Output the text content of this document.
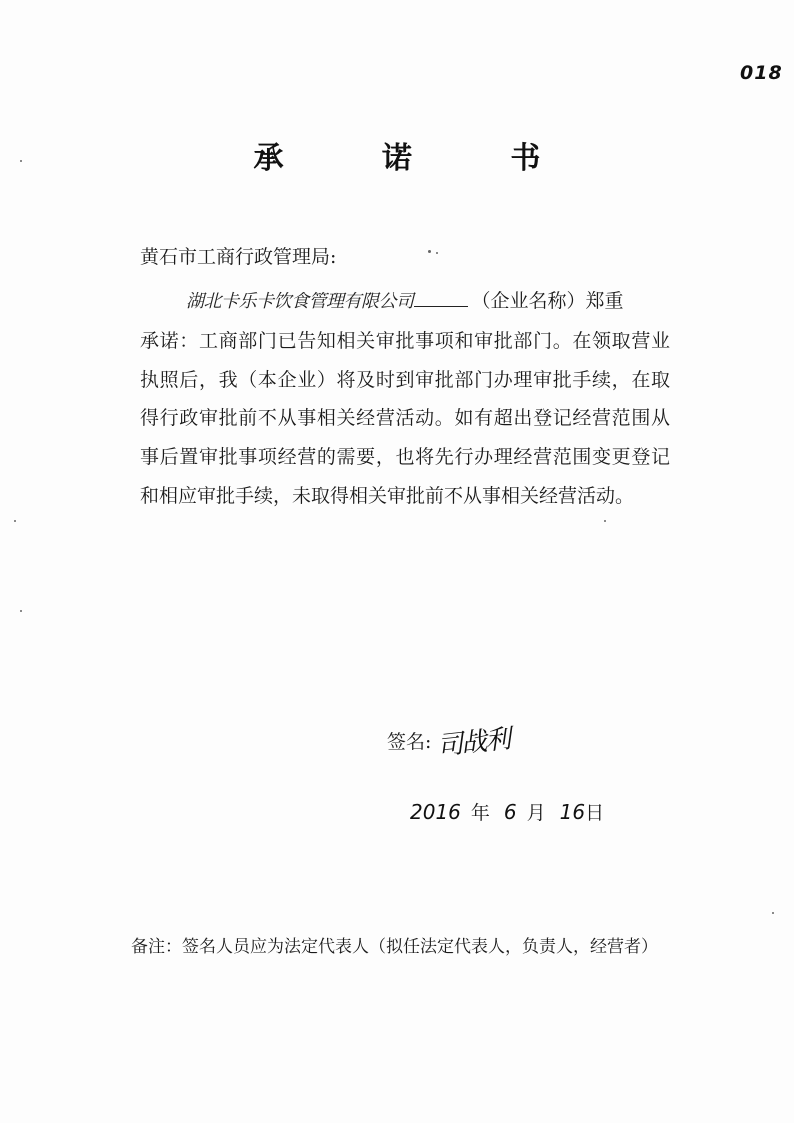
018
承 诺 书
黄石市工商行政管理局:
湖北卡乐卡饮食管理有限公司	（企业名称）郑重
承诺：工商部门已告知相关审批事项和审批部门。在领取营业执照后，我（本企业）将及时到审批部门办理审批手续，在取得行政审批前不从事相关经营活动。如有超出登记经营范围从事后置审批事项经营的需要，也将先行办理经营范围变更登记和相应审批手续，未取得相关审批前不从事相关经营活动。
签名: 司战利
2016 年 6 月 16 日
备注：签名人员应为法定代表人（拟任法定代表人，负责人，经营者）
